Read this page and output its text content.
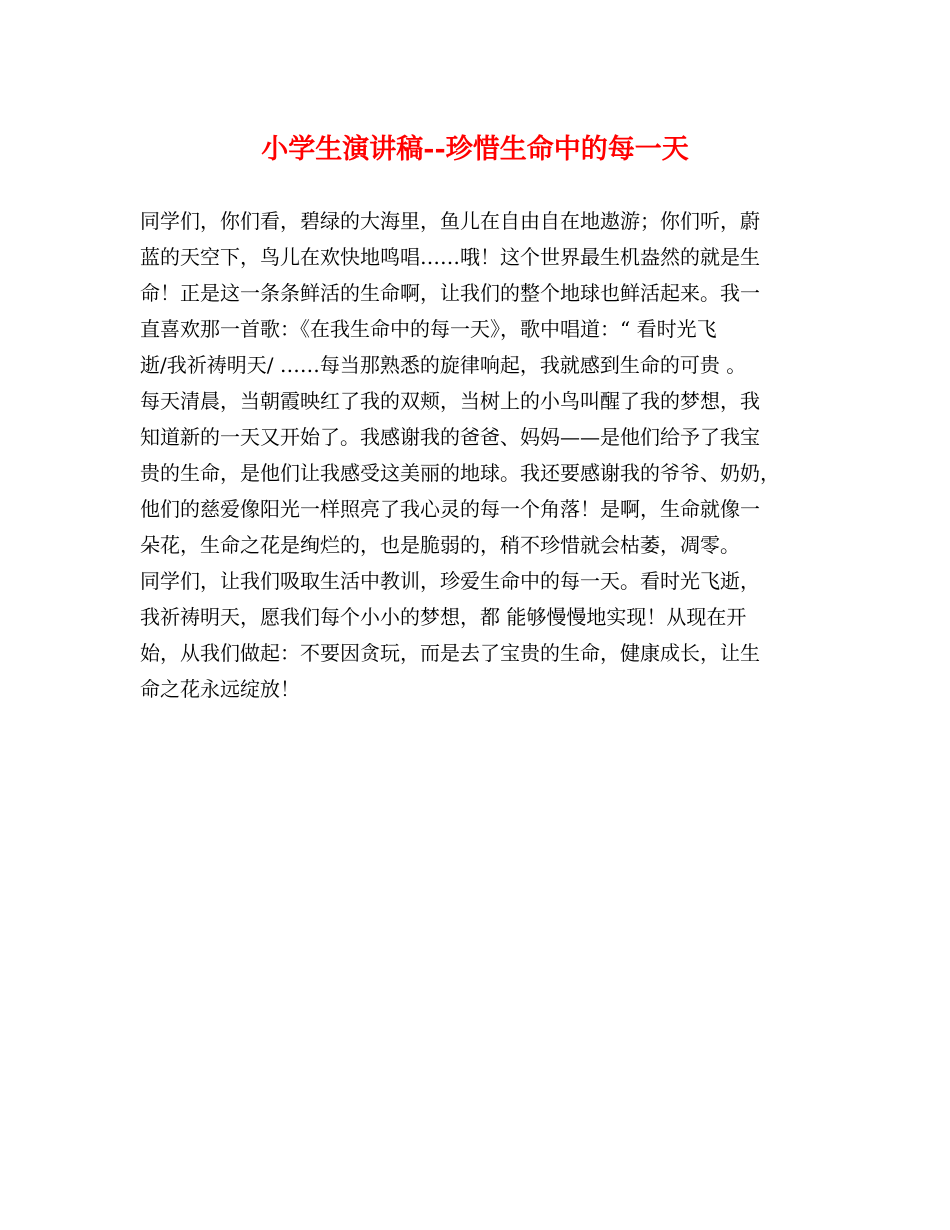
小学生演讲稿--珍惜生命中的每一天
同学们，你们看，碧绿的大海里，鱼儿在自由自在地遨游；你们听，蔚
蓝的天空下，鸟儿在欢快地鸣唱……哦！这个世界最生机盎然的就是生
命！正是这一条条鲜活的生命啊，让我们的整个地球也鲜活起来。我一
直喜欢那一首歌：《在我生命中的每一天》，歌中唱道：“ 看时光飞
逝/我祈祷明天/ ……每当那熟悉的旋律响起，我就感到生命的可贵 。
每天清晨，当朝霞映红了我的双颊，当树上的小鸟叫醒了我的梦想，我
知道新的一天又开始了。我感谢我的爸爸、妈妈——是他们给予了我宝
贵的生命，是他们让我感受这美丽的地球。我还要感谢我的爷爷、奶奶，
他们的慈爱像阳光一样照亮了我心灵的每一个角落！是啊，生命就像一
朵花，生命之花是绚烂的，也是脆弱的，稍不珍惜就会枯萎，凋零。
同学们，让我们吸取生活中教训，珍爱生命中的每一天。看时光飞逝，
我祈祷明天，愿我们每个小小的梦想，都 能够慢慢地实现！从现在开
始，从我们做起：不要因贪玩，而是去了宝贵的生命，健康成长，让生
命之花永远绽放！
